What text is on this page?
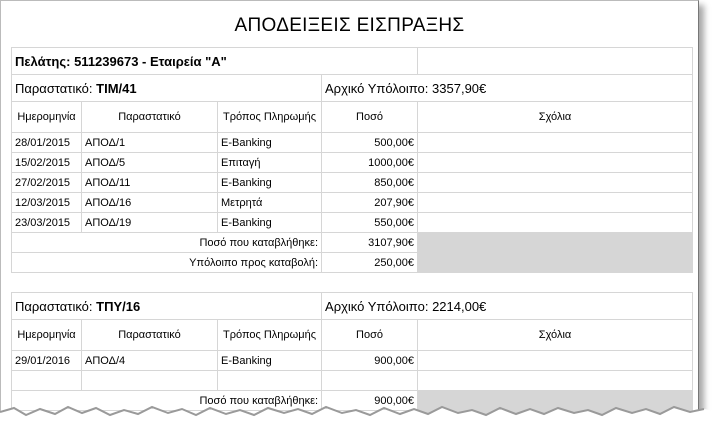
ΑΠΟΔΕΙΞΕΙΣ ΕΙΣΠΡΑΞΗΣ
Πελάτης: 511239673 - Εταιρεία "Α"				
Παραστατικό: ΤΙΜ/41			Αρχικό Υπόλοιπο: 3357,90€	
Ημερομηνία	Παραστατικό	Τρόπος Πληρωμής	Ποσό	Σχόλια
28/01/2015	ΑΠΟΔ/1	E-Banking	500,00€	
15/02/2015	ΑΠΟΔ/5	Επιταγή	1000,00€	
27/02/2015	ΑΠΟΔ/11	E-Banking	850,00€	
12/03/2015	ΑΠΟΔ/16	Μετρητά	207,90€	
23/03/2015	ΑΠΟΔ/19	E-Banking	550,00€	
Ποσό που καταβλήθηκε:			3107,90€	
Υπόλοιπο προς καταβολή:			250,00€	
Παραστατικό: ΤΠΥ/16			Αρχικό Υπόλοιπο: 2214,00€	
Ημερομηνία	Παραστατικό	Τρόπος Πληρωμής	Ποσό	Σχόλια
29/01/2016	ΑΠΟΔ/4	E-Banking	900,00€	

Ποσό που καταβλήθηκε:			900,00€	
